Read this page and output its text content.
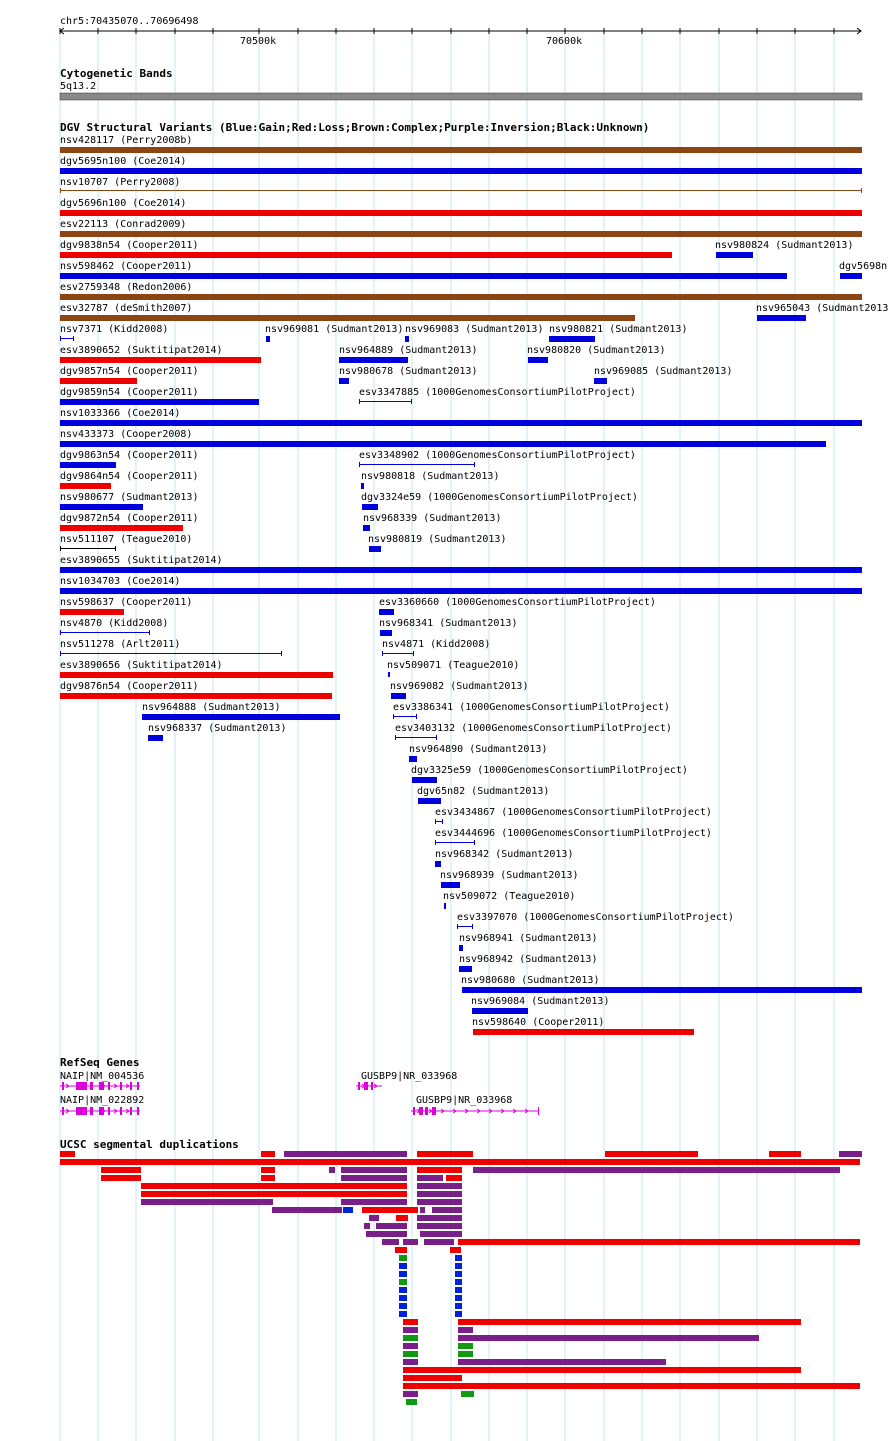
chr5:70435070..70696498
70500k	70600k
Cytogenetic Bands
5q13.2
DGV Structural Variants (Blue:Gain;Red:Loss;Brown:Complex;Purple:Inversion;Black:Unknown)
nsv428117 (Perry2008b)
dgv5695n100 (Coe2014)
nsv10707 (Perry2008)
dgv5696n100 (Coe2014)
esv22113 (Conrad2009)
dgv9838n54 (Cooper2011)	nsv980824 (Sudmant2013)
nsv598462 (Cooper2011)	dgv5698n
esv2759348 (Redon2006)
esv32787 (deSmith2007)	nsv965043 (Sudmant2013
nsv7371 (Kidd2008)	nsv969081 (Sudmant2013) nsv969083 (Sudmant2013) nsv980821 (Sudmant2013)
esv3890652 (Suktitipat2014)	nsv964889 (Sudmant2013)	nsv980820 (Sudmant2013)
dgv9857n54 (Cooper2011)	nsv980678 (Sudmant2013)	nsv969085 (Sudmant2013)
dgv9859n54 (Cooper2011)	esv3347885 (1000GenomesConsortiumPilotProject)
nsv1033366 (Coe2014)
nsv433373 (Cooper2008)
dgv9863n54 (Cooper2011)	esv3348902 (1000GenomesConsortiumPilotProject)
dgv9864n54 (Cooper2011)	nsv980818 (Sudmant2013)
nsv980677 (Sudmant2013)	dgv3324e59 (1000GenomesConsortiumPilotProject)
dgv9872n54 (Cooper2011)	nsv968339 (Sudmant2013)
nsv511107 (Teague2010)	nsv980819 (Sudmant2013)
esv3890655 (Suktitipat2014)
nsv1034703 (Coe2014)
nsv598637 (Cooper2011)	esv3360660 (1000GenomesConsortiumPilotProject)
nsv4870 (Kidd2008)	nsv968341 (Sudmant2013)
nsv511278 (Arlt2011)	nsv4871 (Kidd2008)
esv3890656 (Suktitipat2014)	nsv509071 (Teague2010)
dgv9876n54 (Cooper2011)	nsv969082 (Sudmant2013)
nsv964888 (Sudmant2013)	esv3386341 (1000GenomesConsortiumPilotProject)
nsv968337 (Sudmant2013)	esv3403132 (1000GenomesConsortiumPilotProject)
nsv964890 (Sudmant2013)
dgv3325e59 (1000GenomesConsortiumPilotProject)
dgv65n82 (Sudmant2013)
esv3434867 (1000GenomesConsortiumPilotProject)
esv3444696 (1000GenomesConsortiumPilotProject)
nsv968342 (Sudmant2013)
nsv968939 (Sudmant2013)
nsv509072 (Teague2010)
esv3397070 (1000GenomesConsortiumPilotProject)
nsv968941 (Sudmant2013)
nsv968942 (Sudmant2013)
nsv980680 (Sudmant2013)
nsv969084 (Sudmant2013)
nsv598640 (Cooper2011)
RefSeq Genes
NAIP|NM_004536	GUSBP9|NR_033968
NAIP|NM_022892	GUSBP9|NR_033968
UCSC segmental duplications
